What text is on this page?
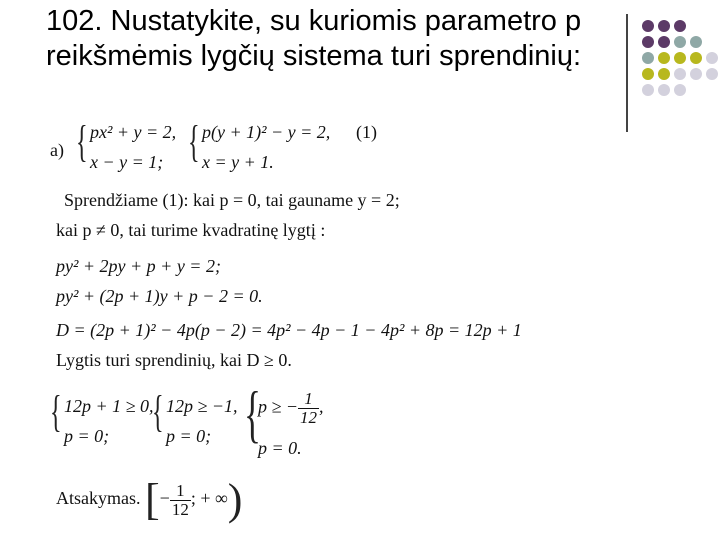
102. Nustatykite, su kuriomis parametro p reikšmėmis lygčių sistema turi sprendinių:
a) { px² + y = 2,
x − y = 1; { p(y + 1)² − y = 2,
x = y + 1.
(1)
Sprendžiame (1): kai p = 0, tai gauname y = 2;
kai p ≠ 0, tai turime kvadratinę lygtį :
py² + 2py + p + y = 2;
py² + (2p + 1)y + p − 2 = 0.
D = (2p + 1)² − 4p(p − 2) = 4p² − 4p − 1 − 4p² + 8p = 12p + 1
Lygtis turi sprendinių, kai D ≥ 0.
{ 12p + 1 ≥ 0,
p = 0; { 12p ≥ −1,
p = 0; {
p ≥ − $\frac{1}{12}$ ,
p = 0.
Atsakymas. [− $\frac{1}{12}$ ; + ∞)
